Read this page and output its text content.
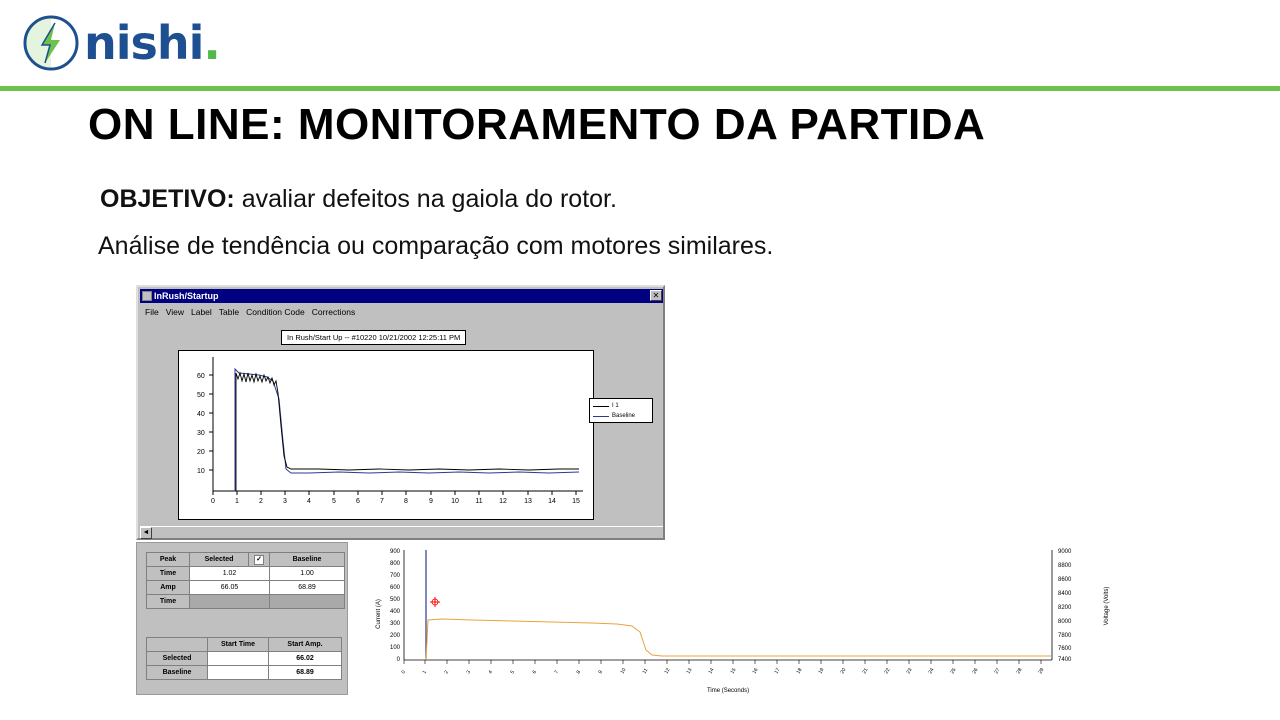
nishi.
ON LINE: MONITORAMENTO DA PARTIDA
OBJETIVO: avaliar defeitos na gaiola do rotor.
Análise de tendência ou comparação com motores similares.
InRush/Startup	✕
File View Label Table Condition Code Corrections
In Rush/Start Up -- #10220 10/21/2002 12:25:11 PM
60
50
40
30
20
10
0	1	2	3	4	5	6	7	8	9	10 11 12 13 14 15
I 1
Baseline
◄
Peak	Selected	✓	Baseline
Time	1.02		1.00
Amp	66.05		68.89
Time			
	Start Time	Start Amp.
Selected		66.02
Baseline		68.89
900
800
700
600
500
400
300
200
100
0
Current (A)
9000
8800
8600
8400
8200
8000
7800
7600
7400
Voltage (Volts)
0	1	2	3	4	5	6	7	8	9	10	11	12	13	14	15	16	17	18	19	20	21	22	23	24	25	26	27	28	29
Time (Seconds)
